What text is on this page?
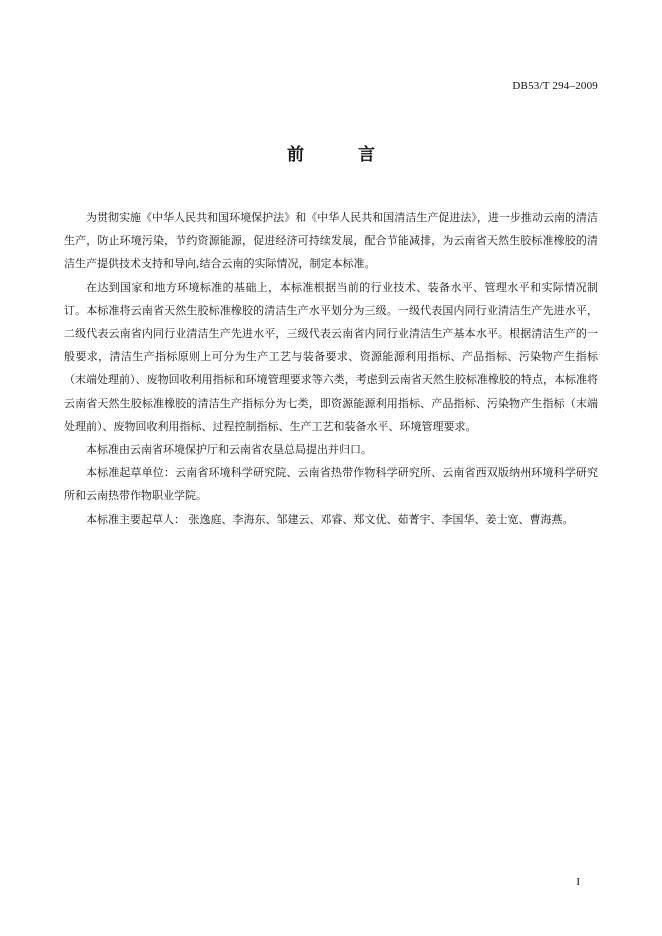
DB53/T 294–2009
前 言

为贯彻实施《中华人民共和国环境保护法》和《中华人民共和国清洁生产促进法》，进一步推动云南的清洁生产，防止环境污染，节约资源能源，促进经济可持续发展，配合节能减排，为云南省天然生胶标准橡胶的清洁生产提供技术支持和导向,结合云南的实际情况，制定本标准。

在达到国家和地方环境标准的基础上，本标准根据当前的行业技术、装备水平、管理水平和实际情况制订。本标准将云南省天然生胶标准橡胶的清洁生产水平划分为三级。一级代表国内同行业清洁生产先进水平，二级代表云南省内同行业清洁生产先进水平，三级代表云南省内同行业清洁生产基本水平。根据清洁生产的一般要求，清洁生产指标原则上可分为生产工艺与装备要求、资源能源利用指标、产品指标、污染物产生指标（末端处理前）、废物回收利用指标和环境管理要求等六类，考虑到云南省天然生胶标准橡胶的特点，本标准将云南省天然生胶标准橡胶的清洁生产指标分为七类，即资源能源利用指标、产品指标、污染物产生指标（末端处理前）、废物回收利用指标、过程控制指标、生产工艺和装备水平、环境管理要求。

本标准由云南省环境保护厅和云南省农垦总局提出并归口。

本标准起草单位：云南省环境科学研究院、云南省热带作物科学研究所、云南省西双版纳州环境科学研究所和云南热带作物职业学院。

本标准主要起草人： 张逸庭、李海东、邹建云、邓睿、郑文优、茹菁宇、李国华、姜士宽、曹海燕。

I
